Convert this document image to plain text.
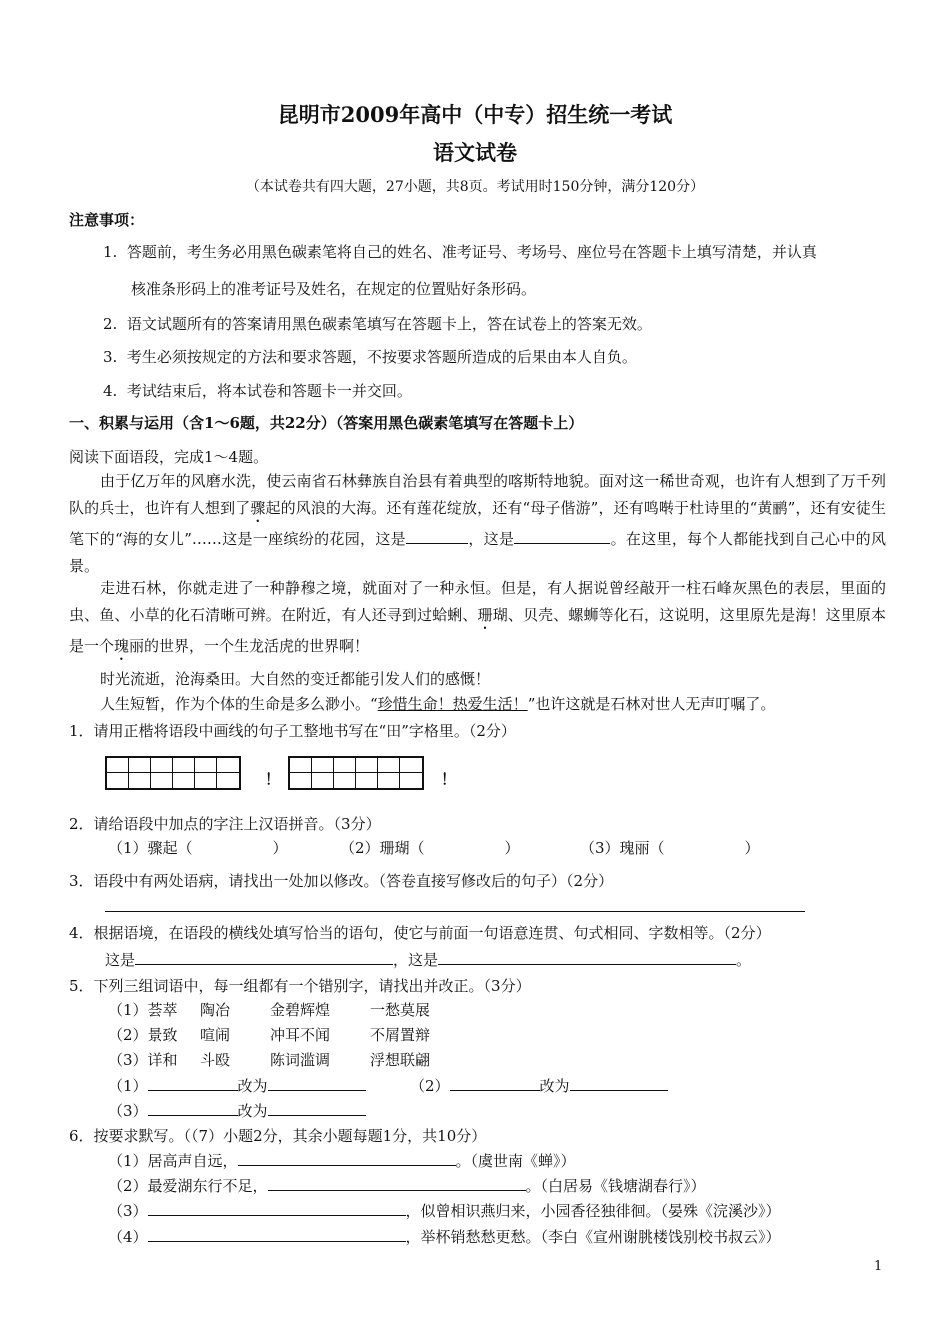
昆明市2009年高中（中专）招生统一考试
语文试卷
（本试卷共有四大题，27小题，共8页。考试用时150分钟，满分120分）
注意事项：
1. 答题前，考生务必用黑色碳素笔将自己的姓名、准考证号、考场号、座位号在答题卡上填写清楚，并认真
核准条形码上的准考证号及姓名，在规定的位置贴好条形码。
2. 语文试题所有的答案请用黑色碳素笔填写在答题卡上，答在试卷上的答案无效。
3. 考生必须按规定的方法和要求答题，不按要求答题所造成的后果由本人自负。
4. 考试结束后，将本试卷和答题卡一并交回。
一、积累与运用（含1～6题，共22分）（答案用黑色碳素笔填写在答题卡上）
阅读下面语段，完成1～4题。
由于亿万年的风磨水洗，使云南省石林彝族自治县有着典型的喀斯特地貌。面对这一稀世奇观，也许有人想到了万千列队的兵士，也许有人想到了骤起的风浪的大海。还有莲花绽放，还有“母子偕游”，还有鸣啭于杜诗里的“黄鹂”，还有安徒生笔下的“海的女儿”……这是一座缤纷的花园，这是	，这是	。在这里，每个人都能找到自己心中的风景。
走进石林，你就走进了一种静穆之境，就面对了一种永恒。但是，有人据说曾经敲开一柱石峰灰黑色的表层，里面的虫、鱼、小草的化石清晰可辨。在附近，有人还寻到过蛤蜊、珊瑚、贝壳、螺蛳等化石，这说明，这里原先是海！这里原本是一个瑰丽的世界，一个生龙活虎的世界啊！
时光流逝，沧海桑田。大自然的变迁都能引发人们的感慨！
人生短暂，作为个体的生命是多么渺小。“珍惜生命！热爱生活！”也许这就是石林对世人无声叮嘱了。
1．请用正楷将语段中画线的句子工整地书写在“田”字格里。（2分）
！	！
2．请给语段中加点的字注上汉语拼音。（3分）
（1）骤起（	）	（2）珊瑚（	）	（3）瑰丽（	）
3．语段中有两处语病，请找出一处加以修改。（答卷直接写修改后的句子）（2分）
4．根据语境，在语段的横线处填写恰当的语句，使它与前面一句语意连贯、句式相同、字数相等。（2分）
这是	，这是	。
5．下列三组词语中，每一组都有一个错别字，请找出并改正。（3分）
（1）荟萃 陶冶	金碧辉煌	一愁莫展
（2）景致 喧闹	冲耳不闻	不屑置辩
（3）详和 斗殴	陈词滥调	浮想联翩
（1）	改为	（2）	改为
（3）	改为
6．按要求默写。（（7）小题2分，其余小题每题1分，共10分）
（1）居高声自远，	。（虞世南《蝉》）
（2）最爱湖东行不足，	。（白居易《钱塘湖春行》）
（3）	，似曾相识燕归来，小园香径独徘徊。（晏殊《浣溪沙》）
（4）	，举杯销愁愁更愁。（李白《宣州谢朓楼饯别校书叔云》）
1
